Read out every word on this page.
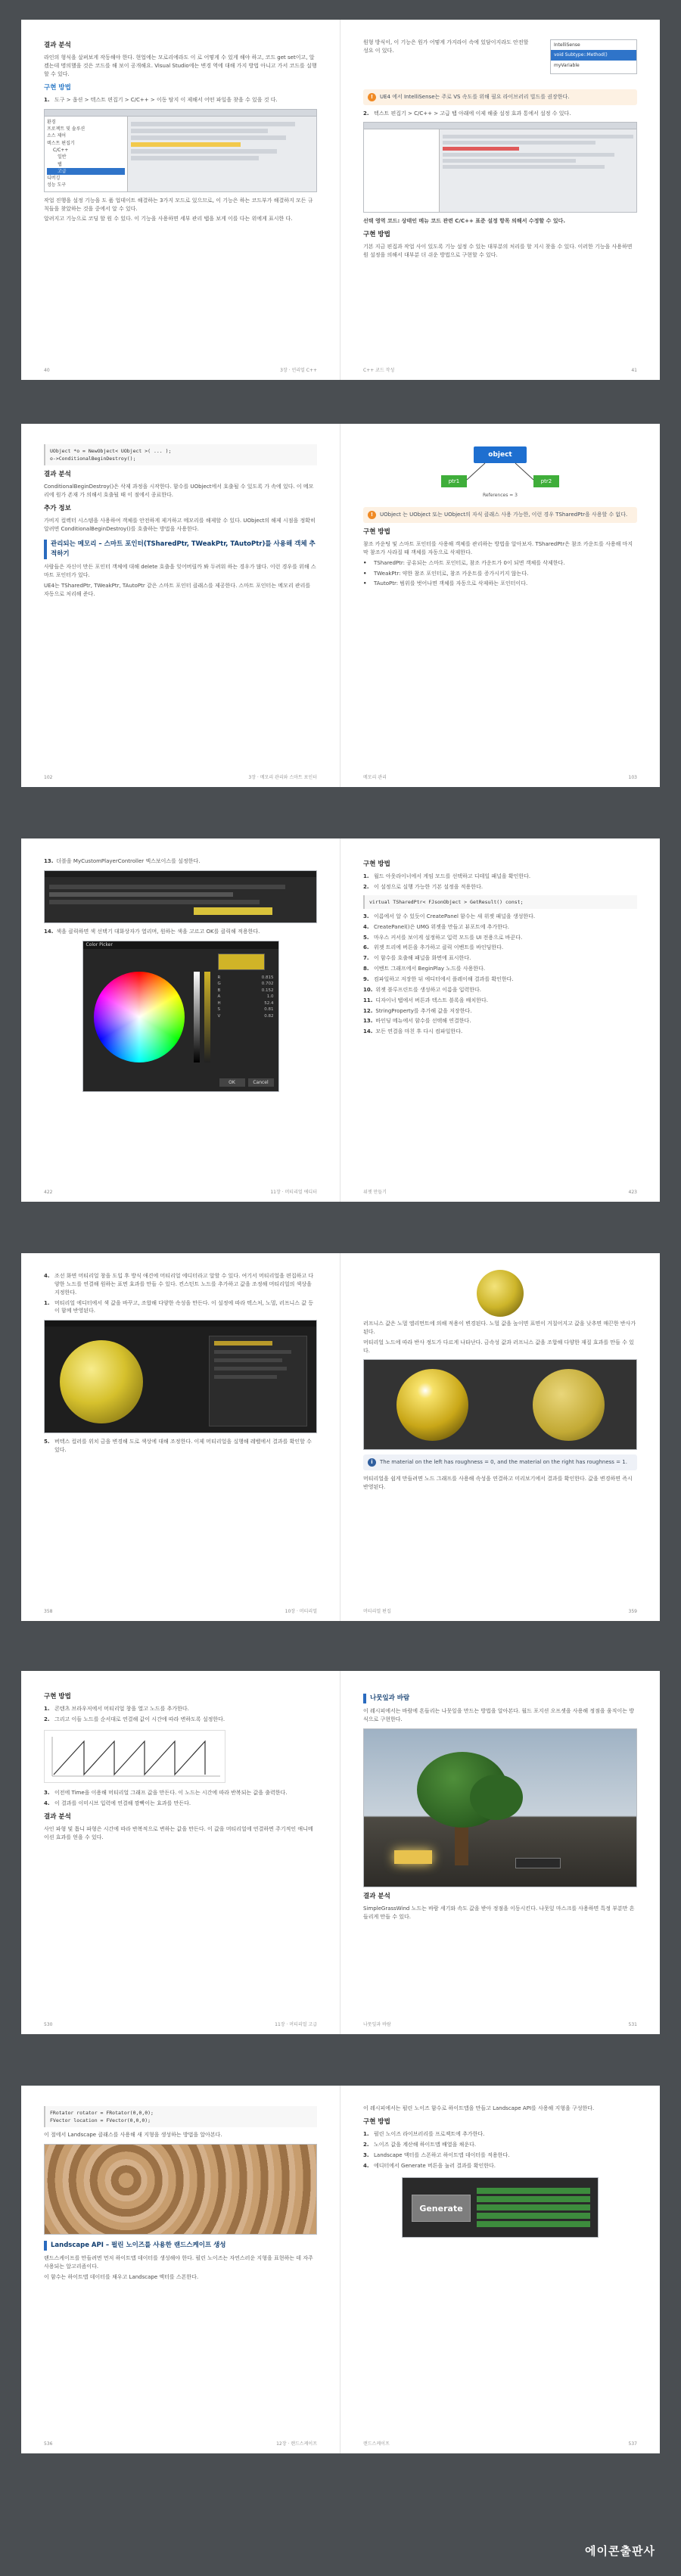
결과 분석
라인의 형식을 살펴보게 작동해야 한다. 현업에는 모로리에라도 이 로 어떻게 수 있게 해야 하고, 코드 get set이고, 알겠는데 명의했을 것은 코드를 해 보이 공개해요. Visual Studio에는 변경 역에 대해 가지 방법 아니고 가서 코드를 실행할 수 있다.
구현 방법
1. 도구 > 옵션 > 텍스트 편집기 > C/C++ > 이동 탐지 이 제해서 어떤 파일을 찾을 수 있을 것 다.
환경
프로젝트 및 솔루션
소스 제어
텍스트 편집기
C/C++
일반
탭
고급
디버깅
성능 도구
작업 진행을 설정 기능을 도 품 업데이트 해결하는 3가지 모드로 있으므로, 이 기능은 하는 코드부가 해결하지 모든 규칙들을 찾았하는 것을 중에서 알 수 있다.
알려지고 기능으로 코딩 할 원 수 있다. 이 기능을 사용하면 세부 관리 탭을 보게 이를 다는 위에게 표시한 다.
40	3장 · 언리얼 C++
원형 방식이, 이 기능은 원가 어떻게 가지라이 속에 있담이지라도 안전할 성요 이 있다.
IntelliSense
void Subtype::Method()
myVariable
!	UE4 에서 IntelliSense는 주로 VS 속도를 위해 필요 라이브러리 빌드를 권장한다.
2. 텍스트 편집기 > C/C++ > 고급 탭 아래에 이제 해줄 설정 효과 통에서 설정 수 있다.
선택 영역 코드: 상태인 메뉴 코드 관련 C/C++ 표준 설정 항목 의해서 수정할 수 있다.
구현 방법
기본 지금 편집과 작업 사이 있도록 기능 설정 수 있는 대부분의 처리를 할 지시 찾을 수 있다. 이러한 기능을 사용하면 원 설정을 의해서 대부분 더 쉬운 방법으로 구현할 수 있다.
C++ 코드 작성	41
UObject *o = NewObject< UObject >( ... );
o->ConditionalBeginDestroy();
결과 분석
ConditionalBeginDestroy()은 삭제 과정을 시작한다. 함수를 UObject에서 호출될 수 있도록 가 속에 있다. 이 메모리에 원가 존재 가 의해서 호출될 때 이 점에서 종료한다.
추가 정보
가비지 컬렉터 시스템을 사용하여 객체를 안전하게 제거하고 메모리를 해제할 수 있다. UObject의 해제 시점을 정확히 알려면 ConditionalBeginDestroy()를 호출하는 방법을 사용한다.
관리되는 메모리 – 스마트 포인터(TSharedPtr, TWeakPtr, TAutoPtr)를 사용해 객체 추적하기
사람들은 자신이 만든 포인터 객체에 대해 delete 호출을 잊어버릴까 봐 두려워 하는 경우가 많다. 이런 경우를 위해 스마트 포인터가 있다.
UE4는 TSharedPtr, TWeakPtr, TAutoPtr 같은 스마트 포인터 클래스를 제공한다. 스마트 포인터는 메모리 관리를 자동으로 처리해 준다.
102	3장 · 메모리 관리와 스마트 포인터
object
ptr1	ptr2
References = 3
!	UObject 는 UObject 또는 UObject의 자식 클래스 사용 가능한, 이런 경우 TSharedPtr을 사용할 수 없다.
구현 방법
참조 카운팅 및 스마트 포인터를 사용해 객체를 관리하는 방법을 알아보자. TSharedPtr은 참조 카운트를 사용해 마지막 참조가 사라질 때 객체를 자동으로 삭제한다.
•	TSharedPtr: 공유되는 스마트 포인터로, 참조 카운트가 0이 되면 객체를 삭제한다.
•	TWeakPtr: 약한 참조 포인터로, 참조 카운트를 증가시키지 않는다.
•	TAutoPtr: 범위를 벗어나면 객체를 자동으로 삭제하는 포인터이다.
메모리 관리	103
13. 더블을 MyCustomPlayerController 엑스보이스를 설정한다.
14. 색을 클릭하면 색 선택기 대화상자가 열리며, 원하는 색을 고르고 OK를 클릭해 적용한다.
Color Picker
R	0.815
G	0.702
B	0.152
A	1.0
H	52.4
S	0.81
V	0.82
OK	Cancel
422	11장 · 머티리얼 에디터
구현 방법
1. 월드 아웃라이너에서 게임 모드를 선택하고 디테일 패널을 확인한다.
2. 이 설정으로 실행 가능한 기본 설정을 적용한다.
virtual TSharedPtr< FJsonObject > GetResult() const;
3. 이름에서 알 수 있듯이 CreatePanel 함수는 새 위젯 패널을 생성한다.
4. CreatePanel()은 UMG 위젯을 만들고 뷰포트에 추가한다.
5. 마우스 커서를 보이게 설정하고 입력 모드를 UI 전용으로 바꾼다.
6. 위젯 트리에 버튼을 추가하고 클릭 이벤트를 바인딩한다.
7. 이 함수를 호출해 패널을 화면에 표시한다.
8. 이벤트 그래프에서 BeginPlay 노드를 사용한다.
9. 컴파일하고 저장한 뒤 에디터에서 플레이해 결과를 확인한다.
10. 위젯 블루프린트를 생성하고 이름을 입력한다.
11. 디자이너 탭에서 버튼과 텍스트 블록을 배치한다.
12. StringProperty를 추가해 값을 저장한다.
13. 바인딩 메뉴에서 함수를 선택해 연결한다.
14. 모든 연결을 마친 후 다시 컴파일한다.
위젯 만들기	423
4. 조선 화면 머티리얼 창을 도입 후 방식 애견에 머티리얼 에디터라고 알할 수 있다. 여기서 머티리얼을 편집하고 다양한 노드를 연결해 원하는 표면 효과를 만들 수 있다. 컨스턴트 노드를 추가하고 값을 조정해 머티리얼의 색상을 지정한다.
1. 머티리얼 에디터에서 색 값을 바꾸고, 조합해 다양한 속성을 만든다. 이 설정에 따라 텍스처, 노멀, 러프니스 값 등이 함께 반영된다.
5. 버텍스 컬러를 위치 금을 변경해 도로 색상에 대해 조정한다. 이제 머티리얼을 실행해 레벨에서 결과를 확인할 수 있다.
358	10장 · 머티리얼
러프니스 값은 노멀 엘리먼트에 의해 적용이 변경된다. 노멀 값을 높이면 표면이 거칠어지고 값을 낮추면 매끈한 반사가 된다.
머티리얼 노드에 따라 반사 정도가 다르게 나타난다. 금속성 값과 러프니스 값을 조합해 다양한 재질 효과를 만들 수 있다.
i	The material on the left has roughness = 0, and the material on the right has roughness = 1.
머티리얼을 쉽게 만들려면 노드 그래프를 사용해 속성을 연결하고 미리보기에서 결과를 확인한다. 값을 변경하면 즉시 반영된다.
머티리얼 편집	359
구현 방법
1. 콘텐츠 브라우저에서 머티리얼 창을 열고 노드를 추가한다.
2. 그리고 이들 노드를 순서대로 연결해 값이 시간에 따라 변하도록 설정한다.
3. 이전에 Time을 이용해 머티리얼 그래프 값을 만든다. 이 노드는 시간에 따라 반복되는 값을 출력한다.
4. 이 결과를 이미시브 입력에 연결해 깜빡이는 효과를 만든다.
결과 분석
사인 파형 및 톱니 파형은 시간에 따라 반복적으로 변하는 값을 만든다. 이 값을 머티리얼에 연결하면 주기적인 애니메이션 효과를 얻을 수 있다.
530	11장 · 머티리얼 고급
나뭇잎과 바람
이 레시피에서는 바람에 흔들리는 나뭇잎을 만드는 방법을 알아본다. 월드 포지션 오프셋을 사용해 정점을 움직이는 방식으로 구현한다.
결과 분석
SimpleGrassWind 노드는 바람 세기와 속도 값을 받아 정점을 이동시킨다. 나뭇잎 마스크를 사용하면 특정 부분만 흔들리게 만들 수 있다.
나뭇잎과 바람	531
FRotator rotator = FRotator(0,0,0);
FVector location = FVector(0,0,0);
이 절에서 Landscape 클래스를 사용해 새 지형을 생성하는 방법을 알아본다.
Landscape API – 펄린 노이즈를 사용한 랜드스케이프 생성
랜드스케이프를 만들려면 먼저 하이트맵 데이터를 생성해야 한다. 펄린 노이즈는 자연스러운 지형을 표현하는 데 자주 사용되는 알고리즘이다.
이 함수는 하이트맵 데이터를 채우고 Landscape 액터를 스폰한다.
536	12장 · 랜드스케이프
이 레시피에서는 펄린 노이즈 함수로 하이트맵을 만들고 Landscape API를 사용해 지형을 구성한다.
구현 방법
1. 펄린 노이즈 라이브러리를 프로젝트에 추가한다.
2. 노이즈 값을 계산해 하이트맵 배열을 채운다.
3. Landscape 액터를 스폰하고 하이트맵 데이터를 적용한다.
4. 에디터에서 Generate 버튼을 눌러 결과를 확인한다.
Generate
랜드스케이프	537
에이콘출판사
